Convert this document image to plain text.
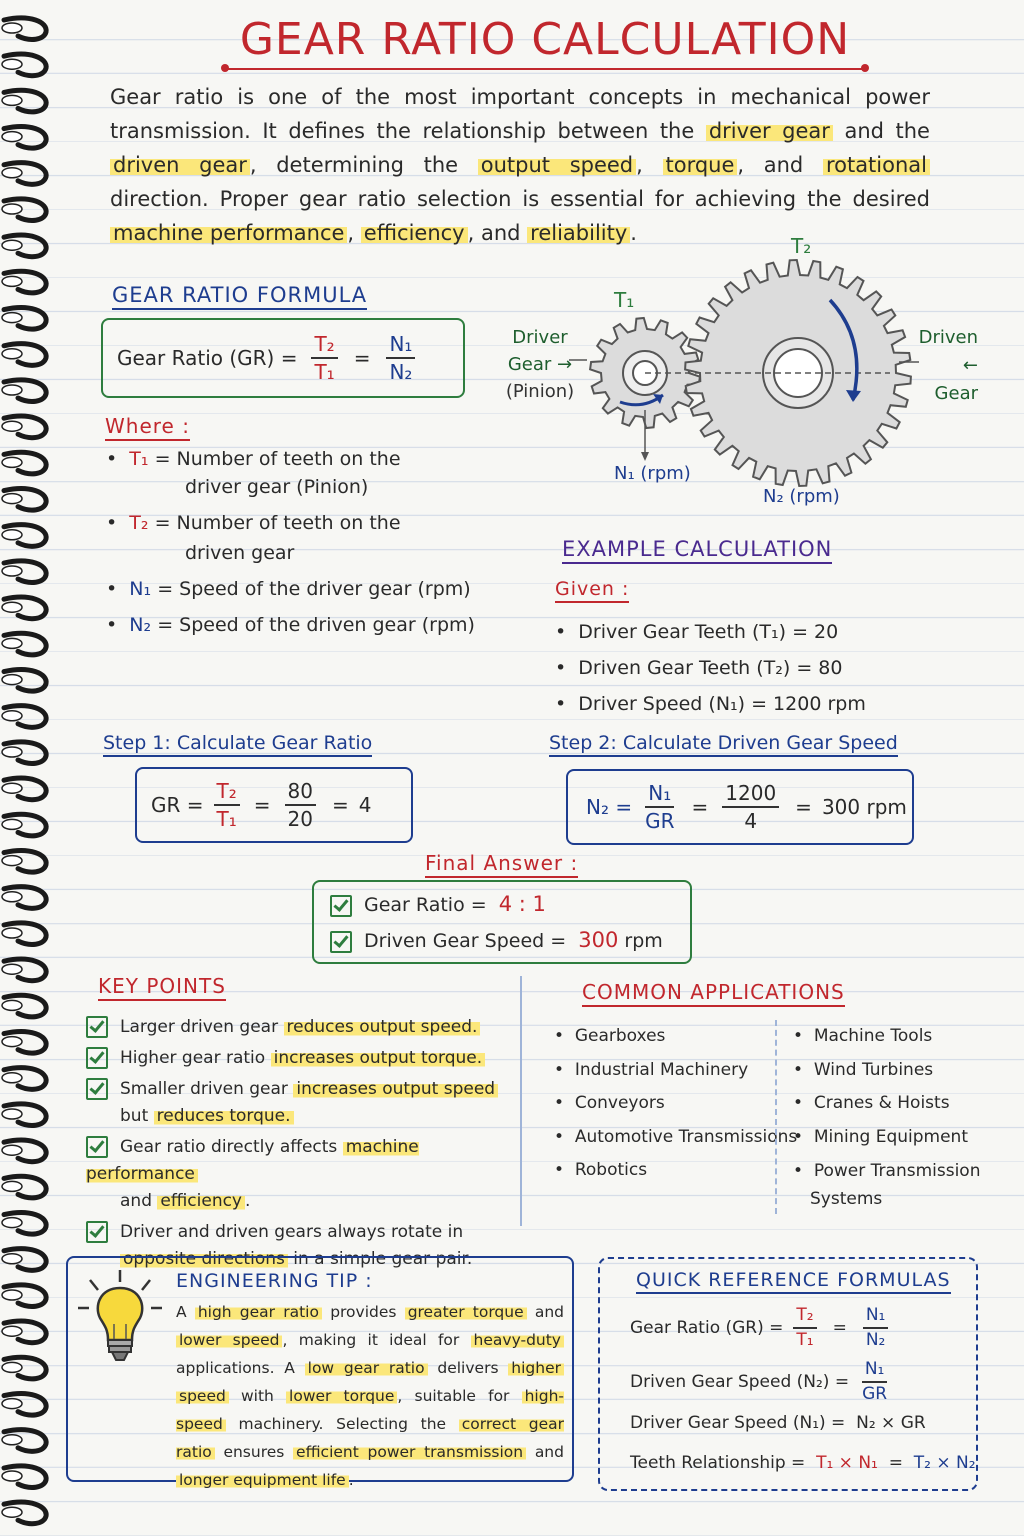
GEAR RATIO CALCULATION
Gear ratio is one of the most important concepts in mechanical power transmission. It defines the relationship between the driver gear and the driven gear , determining the output speed , torque , and rotational direction. Proper gear ratio selection is essential for achieving the desired machine performance , efficiency , and reliability .
GEAR RATIO FORMULA
Gear Ratio $(GR) = \frac{\text{T₂}}{\text{T₁}} = \frac{\text{N₁}}{\text{N₂}}$
Where :
•  T₁ = Number of teeth on the
driver gear (Pinion)
•  T₂ = Number of teeth on the
driven gear
•  N₁ = Speed of the driver gear (rpm)
•  N₂ = Speed of the driven gear (rpm)
T₁
T₂
Driver
Gear →
(Pinion)
Driven
← Gear
N₁ (rpm)
N₂ (rpm)
EXAMPLE CALCULATION
Given :
•  Driver Gear Teeth (T₁) = 20
•  Driven Gear Teeth (T₂) = 80
•  Driver Speed (N₁) = 1200 rpm
Step 1: Calculate Gear Ratio
GR = $\frac{\text{T₂}}{\text{T₁}} = \frac{80}{20} = 4$
Step 2: Calculate Driven Gear Speed
$N_2 = \frac{\text{N₁}}{GR} = \frac{1200}{4} = 300$ rpm
Final Answer :
Gear Ratio = 4 : 1
Driven Gear Speed = 300 rpm
KEY POINTS
Larger driven gear reduces output speed.
Higher gear ratio increases output torque.
Smaller driven gear increases output speed
but reduces torque.
Gear ratio directly affects machine performance
and efficiency .
Driver and driven gears always rotate in
opposite directions in a simple gear pair.
COMMON APPLICATIONS
•  Gearboxes
•  Industrial Machinery
•  Conveyors
•  Automotive Transmissions
•  Robotics
•  Machine Tools
•  Wind Turbines
•  Cranes & Hoists
•  Mining Equipment
•  Power Transmission
Systems
ENGINEERING TIP :
A high gear ratio provides greater torque and lower speed , making it ideal for heavy-duty applications. A low gear ratio delivers higher speed with lower torque , suitable for high-speed machinery. Selecting the correct gear ratio ensures efficient power transmission and longer equipment life .
QUICK REFERENCE FORMULAS
Gear Ratio $(GR) = \frac{\text{T₂}}{\text{T₁}} = \frac{\text{N₁}}{\text{N₂}}$
Driven Gear Speed $(N_2) = \frac{\text{N₁}}{GR}$
Driver Gear Speed (N₁) = N₂ × GR
Teeth Relationship = T₁ × N₁ = T₂ × N₂
